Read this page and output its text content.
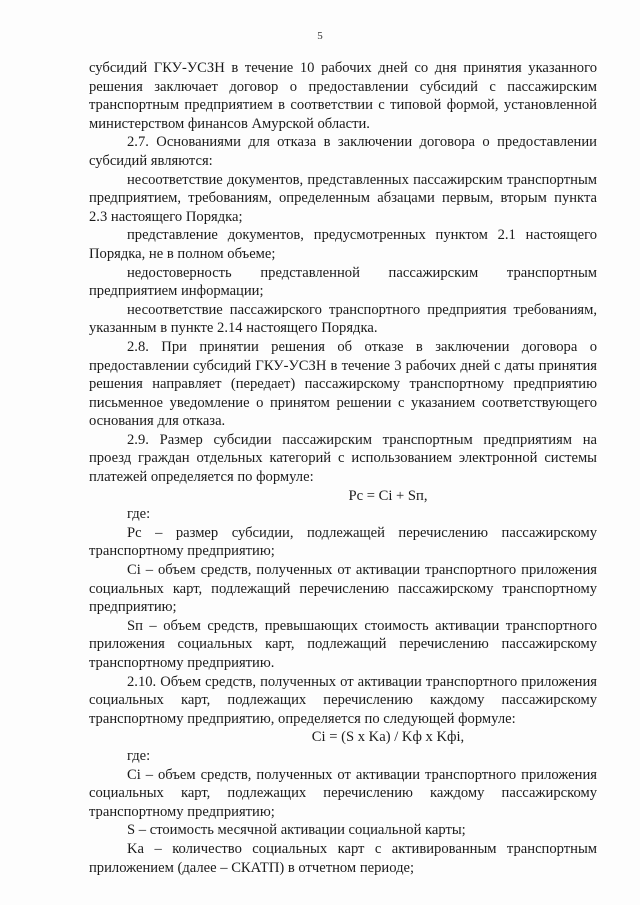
5

субсидий ГКУ-УСЗН в течение 10 рабочих дней со дня принятия указанного решения заключает договор о предоставлении субсидий с пассажирским транспортным предприятием в соответствии с типовой формой, установленной министерством финансов Амурской области.

2.7. Основаниями для отказа в заключении договора о предоставлении субсидий являются:

несоответствие документов, представленных пассажирским транспортным предприятием, требованиям, определенным абзацами первым, вторым пункта 2.3 настоящего Порядка;

представление документов, предусмотренных пунктом 2.1 настоящего Порядка, не в полном объеме;

недостоверность представленной пассажирским транспортным предприятием информации;

несоответствие пассажирского транспортного предприятия требованиям, указанным в пункте 2.14 настоящего Порядка.

2.8. При принятии решения об отказе в заключении договора о предоставлении субсидий ГКУ-УСЗН в течение 3 рабочих дней с даты принятия решения направляет (передает) пассажирскому транспортному предприятию письменное уведомление о принятом решении с указанием соответствующего основания для отказа.

2.9. Размер субсидии пассажирским транспортным предприятиям на проезд граждан отдельных категорий с использованием электронной системы платежей определяется по формуле:

Pc = Ci + Sп,

где:

Pc – размер субсидии, подлежащей перечислению пассажирскому транспортному предприятию;

Ci – объем средств, полученных от активации транспортного приложения социальных карт, подлежащий перечислению пассажирскому транспортному предприятию;

Sп – объем средств, превышающих стоимость активации транспортного приложения социальных карт, подлежащий перечислению пассажирскому транспортному предприятию.

2.10. Объем средств, полученных от активации транспортного приложения социальных карт, подлежащих перечислению каждому пассажирскому транспортному предприятию, определяется по следующей формуле:

Ci = (S x Ka) / Kф x Kфi,

где:

Ci – объем средств, полученных от активации транспортного приложения социальных карт, подлежащих перечислению каждому пассажирскому транспортному предприятию;

S – стоимость месячной активации социальной карты;

Ka – количество социальных карт с активированным транспортным приложением (далее – СКАТП) в отчетном периоде;
